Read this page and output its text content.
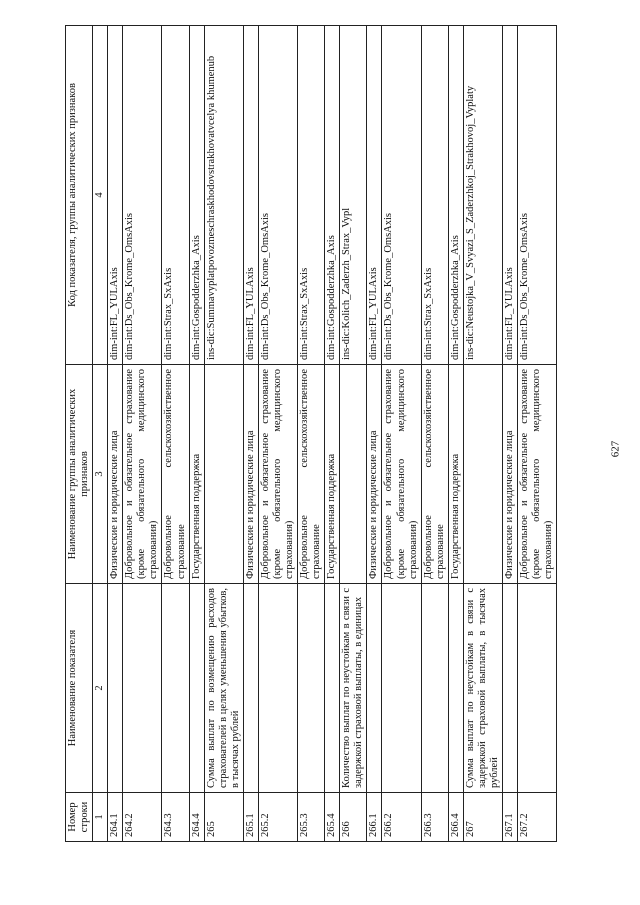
627
Номер строки	Наименование показателя	Наименование группы аналитических признаков	Код показателя, группы аналитических признаков
1	2	3	4
264.1		Физические и юридические лица	dim-int:FL_YULAxis
264.2		Добровольное и обязательное страхование (кроме обязательного медицинского страхования)	dim-int:Ds_Obs_Krome_OmsAxis
264.3		Добровольное сельскохозяйственное страхование	dim-int:Strax_SxAxis
264.4		Государственная поддержка	dim-int:Gospodderzhka_Axis
265	Сумма выплат по возмещению расходов страхователей в целях уменьшения убытков, в тысячах рублей		ins-dic:Summavyplatpovozmeschraskhodovstrakhovatvcelya khumenub
265.1		Физические и юридические лица	dim-int:FL_YULAxis
265.2		Добровольное и обязательное страхование (кроме обязательного медицинского страхования)	dim-int:Ds_Obs_Krome_OmsAxis
265.3		Добровольное сельскохозяйственное страхование	dim-int:Strax_SxAxis
265.4		Государственная поддержка	dim-int:Gospodderzhka_Axis
266	Количество выплат по неустойкам в связи с задержкой страховой выплаты, в единицах		ins-dic:Kolich_Zaderzh_Strax_Vypl
266.1		Физические и юридические лица	dim-int:FL_YULAxis
266.2		Добровольное и обязательное страхование (кроме обязательного медицинского страхования)	dim-int:Ds_Obs_Krome_OmsAxis
266.3		Добровольное сельскохозяйственное страхование	dim-int:Strax_SxAxis
266.4		Государственная поддержка	dim-int:Gospodderzhka_Axis
267	Сумма выплат по неустойкам в связи с задержкой страховой выплаты, в тысячах рублей		ins-dic:Neustojka_V_Svyazi_S_Zaderzhkoj_Strakhovoj_Vyplaty
267.1		Физические и юридические лица	dim-int:FL_YULAxis
267.2		Добровольное и обязательное страхование (кроме обязательного медицинского страхования)	dim-int:Ds_Obs_Krome_OmsAxis
